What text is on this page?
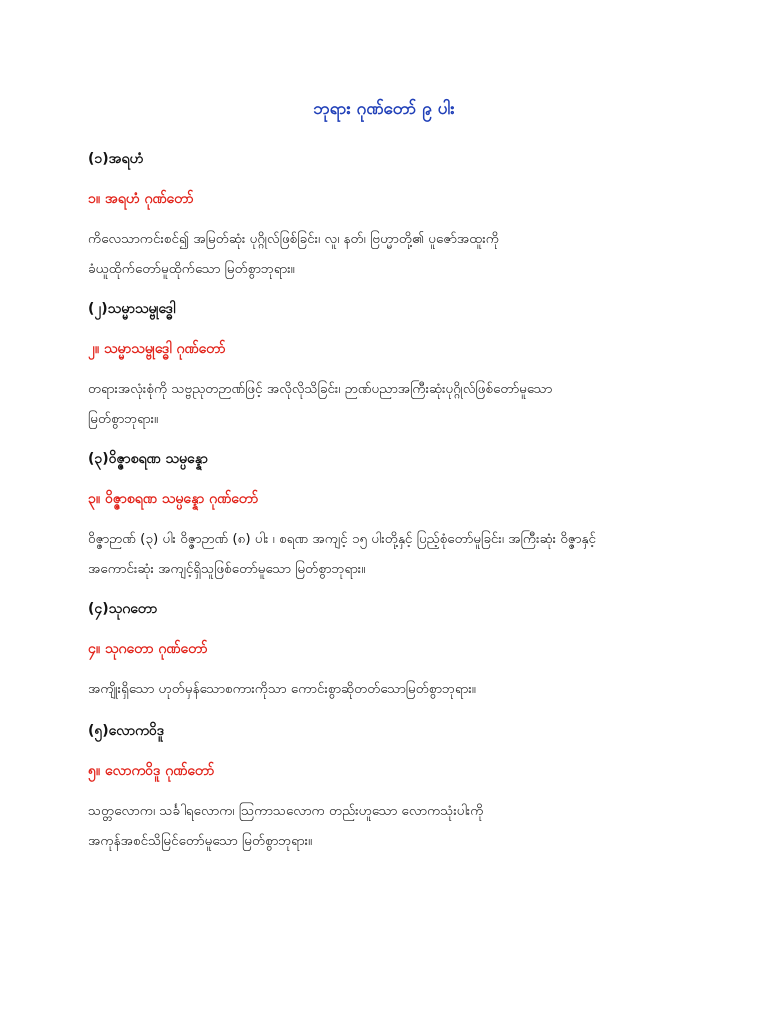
ဘုရား ဂုဏ်တော် ၉ ပါး

(၁)အရဟံ

၁။ အရဟံ ဂုဏ်တော်

ကိလေသာကင်းစင်၍ အမြတ်ဆုံး ပုဂ္ဂိုလ်ဖြစ်ခြင်း၊ လူ၊ နတ်၊ ဗြဟ္မာတို့၏ ပူဇော်အထူးကို
ခံယူထိုက်တော်မူထိုက်သော မြတ်စွာဘုရား။

(၂)သမ္မာသမ္ဗုဒ္ဓေါ

၂။ သမ္မာသမ္ဗုဒ္ဓေါ ဂုဏ်တော်

တရားအလုံးစုံကို သဗ္ဗညုတဉာဏ်ဖြင့် အလိုလိုသိခြင်း၊ ဉာဏ်ပညာအကြီးဆုံးပုဂ္ဂိုလ်ဖြစ်တော်မူသော
မြတ်စွာဘုရား။

(၃)ဝိဇ္ဇာစရဏ သမ္ပန္နော

၃။ ဝိဇ္ဇာစရဏ သမ္ပန္နော ဂုဏ်တော်

ဝိဇ္ဇာဉာဏ် (၃) ပါး ဝိဇ္ဇာဉာဏ် (၈) ပါး ၊ စရဏ အကျင့် ၁၅ ပါးတို့နှင့် ပြည့်စုံတော်မူခြင်း၊ အကြီးဆုံး ဝိဇ္ဇာနှင့်
အကောင်းဆုံး အကျင့်ရှိသူဖြစ်တော်မူသော မြတ်စွာဘုရား။

(၄)သုဂတော

၄။ သုဂတော ဂုဏ်တော်

အကျိုးရှိသော ဟုတ်မှန်သောစကားကိုသာ ကောင်းစွာဆိုတတ်သောမြတ်စွာဘုရား။

(၅)လောကဝိဒူ

၅။ လောကဝိဒူ ဂုဏ်တော်

သတ္တလောက၊ သင်္ခါရလောက၊ ဩကာသလောက တည်းဟူသော လောကသုံးပါးကို
အကုန်အစင်သိမြင်တော်မူသော မြတ်စွာဘုရား။
